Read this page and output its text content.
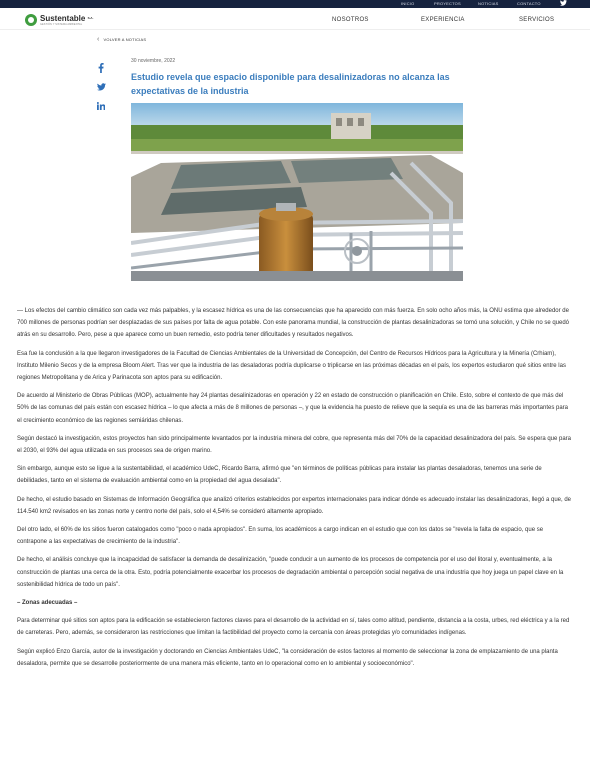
INICIO	PROYECTOS	NOTICIAS	CONTACTO
Sustentable $^{S.A.}$
GESTIÓN Y SISTEMA AMBIENTAL
NOSOTROS	EXPERIENCIA	SERVICIOS
‹ VOLVER A NOTICIAS
30 noviembre, 2022
Estudio revela que espacio disponible para desalinizadoras no alcanza las expectativas de la industria

— Los efectos del cambio climático son cada vez más palpables, y la escasez hídrica es una de las consecuencias que ha aparecido con más fuerza. En solo ocho años más, la ONU estima que alrededor de 700 millones de personas podrían ser desplazadas de sus países por falta de agua potable. Con este panorama mundial, la construcción de plantas desalinizadoras se tomó una solución, y Chile no se quedó atrás en su desarrollo. Pero, pese a que aparece como un buen remedio, esto podría tener dificultades y resultados negativos.

Esa fue la conclusión a la que llegaron investigadores de la Facultad de Ciencias Ambientales de la Universidad de Concepción, del Centro de Recursos Hídricos para la Agricultura y la Minería (Crhiam), Instituto Milenio Secos y de la empresa Bloom Alert. Tras ver que la industria de las desaladoras podría duplicarse o triplicarse en las próximas décadas en el país, los expertos estudiaron qué sitios entre las regiones Metropolitana y de Arica y Parinacota son aptos para su edificación.

De acuerdo al Ministerio de Obras Públicas (MOP), actualmente hay 24 plantas desalinizadoras en operación y 22 en estado de construcción o planificación en Chile. Esto, sobre el contexto de que más del 50% de las comunas del país están con escasez hídrica – lo que afecta a más de 8 millones de personas –, y que la evidencia ha puesto de relieve que la sequía es una de las barreras más importantes para el crecimiento económico de las regiones semiáridas chilenas.

Según destacó la investigación, estos proyectos han sido principalmente levantados por la industria minera del cobre, que representa más del 70% de la capacidad desalinizadora del país. Se espera que para el 2030, el 93% del agua utilizada en sus procesos sea de origen marino.

Sin embargo, aunque esto se ligue a la sustentabilidad, el académico UdeC, Ricardo Barra, afirmó que "en términos de políticas públicas para instalar las plantas desaladoras, tenemos una serie de debilidades, tanto en el sistema de evaluación ambiental como en la propiedad del agua desalada".

De hecho, el estudio basado en Sistemas de Información Geográfica que analizó criterios establecidos por expertos internacionales para indicar dónde es adecuado instalar las desalinizadoras, llegó a que, de 114.540 km2 revisados en las zonas norte y centro norte del país, solo el 4,54% se consideró altamente apropiado.

Del otro lado, el 60% de los sitios fueron catalogados como "poco o nada apropiados". En suma, los académicos a cargo indican en el estudio que con los datos se "revela la falta de espacio, que se contrapone a las expectativas de crecimiento de la industria".

De hecho, el análisis concluye que la incapacidad de satisfacer la demanda de desalinización, "puede conducir a un aumento de los procesos de competencia por el uso del litoral y, eventualmente, a la construcción de plantas una cerca de la otra. Esto, podría potencialmente exacerbar los procesos de degradación ambiental o percepción social negativa de una industria que hoy juega un papel clave en la sostenibilidad hídrica de todo un país".

– Zonas adecuadas –

Para determinar qué sitios son aptos para la edificación se establecieron factores claves para el desarrollo de la actividad en sí, tales como altitud, pendiente, distancia a la costa, urbes, red eléctrica y a la red de carreteras. Pero, además, se consideraron las restricciones que limitan la factibilidad del proyecto como la cercanía con áreas protegidas y/o comunidades indígenas.

Según explicó Enzo García, autor de la investigación y doctorando en Ciencias Ambientales UdeC, "la consideración de estos factores al momento de seleccionar la zona de emplazamiento de una planta desaladora, permite que se desarrolle posteriormente de una manera más eficiente, tanto en lo operacional como en lo ambiental y socioeconómico".
